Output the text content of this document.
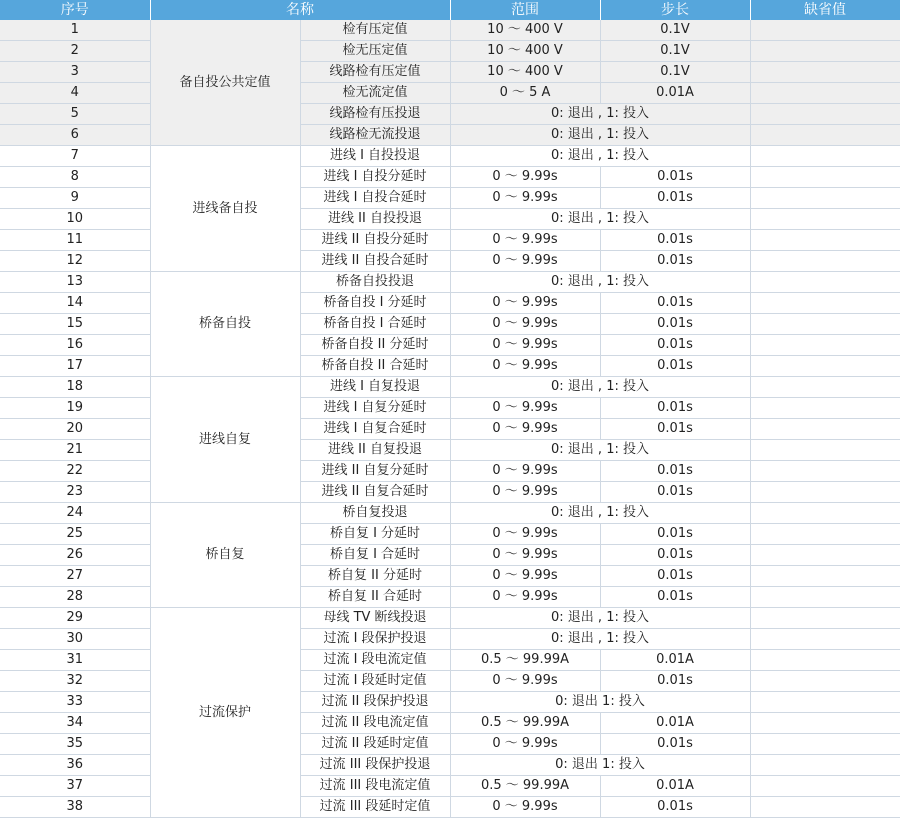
序号	名称		范围	步长	缺省值
1	备自投公共定值	检有压定值	10 ～ 400 V	0.1V	
2		检无压定值	10 ～ 400 V	0.1V	
3		线路检有压定值	10 ～ 400 V	0.1V	
4		检无流定值	0 ～ 5 A	0.01A	
5		线路检有压投退	0: 退出 , 1: 投入		
6		线路检无流投退	0: 退出 , 1: 投入		
7	进线备自投	进线 I 自投投退	0: 退出 , 1: 投入		
8		进线 I 自投分延时	0 ～ 9.99s	0.01s	
9		进线 I 自投合延时	0 ～ 9.99s	0.01s	
10		进线 II 自投投退	0: 退出 , 1: 投入		
11		进线 II 自投分延时	0 ～ 9.99s	0.01s	
12		进线 II 自投合延时	0 ～ 9.99s	0.01s	
13	桥备自投	桥备自投投退	0: 退出 , 1: 投入		
14		桥备自投 I 分延时	0 ～ 9.99s	0.01s	
15		桥备自投 I 合延时	0 ～ 9.99s	0.01s	
16		桥备自投 II 分延时	0 ～ 9.99s	0.01s	
17		桥备自投 II 合延时	0 ～ 9.99s	0.01s	
18	进线自复	进线 I 自复投退	0: 退出 , 1: 投入		
19		进线 I 自复分延时	0 ～ 9.99s	0.01s	
20		进线 I 自复合延时	0 ～ 9.99s	0.01s	
21		进线 II 自复投退	0: 退出 , 1: 投入		
22		进线 II 自复分延时	0 ～ 9.99s	0.01s	
23		进线 II 自复合延时	0 ～ 9.99s	0.01s	
24	桥自复	桥自复投退	0: 退出 , 1: 投入		
25		桥自复 I 分延时	0 ～ 9.99s	0.01s	
26		桥自复 I 合延时	0 ～ 9.99s	0.01s	
27		桥自复 II 分延时	0 ～ 9.99s	0.01s	
28		桥自复 II 合延时	0 ～ 9.99s	0.01s	
29	过流保护	母线 TV 断线投退	0: 退出 , 1: 投入		
30		过流 I 段保护投退	0: 退出 , 1: 投入		
31		过流 I 段电流定值	0.5 ～ 99.99A	0.01A	
32		过流 I 段延时定值	0 ～ 9.99s	0.01s	
33		过流 II 段保护投退	0: 退出 1: 投入		
34		过流 II 段电流定值	0.5 ～ 99.99A	0.01A	
35		过流 II 段延时定值	0 ～ 9.99s	0.01s	
36		过流 III 段保护投退	0: 退出 1: 投入		
37		过流 III 段电流定值	0.5 ～ 99.99A	0.01A	
38		过流 III 段延时定值	0 ～ 9.99s	0.01s	
